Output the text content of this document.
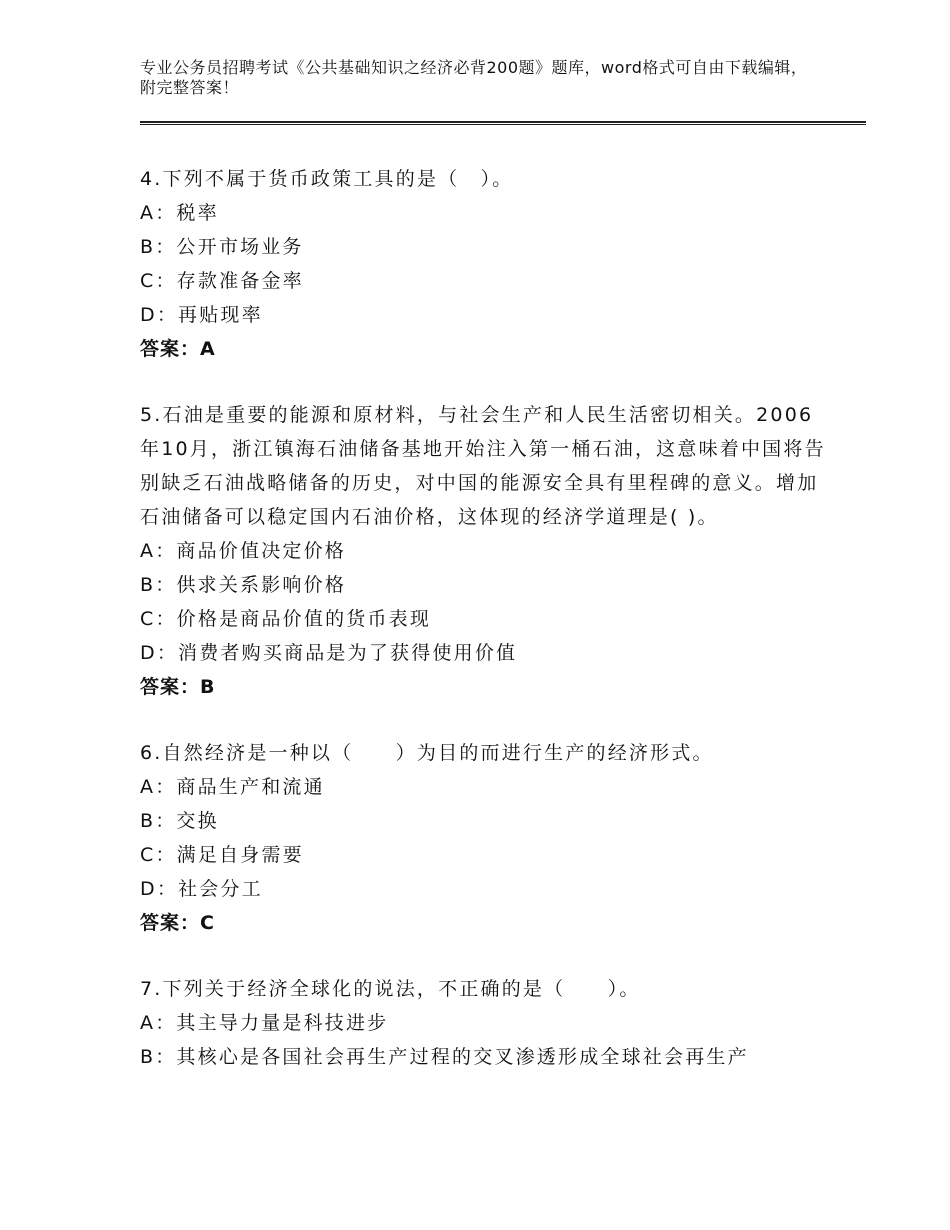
专业公务员招聘考试《公共基础知识之经济必背200题》题库，word格式可自由下载编辑，附完整答案！
4.下列不属于货币政策工具的是（　）。
A：税率
B：公开市场业务
C：存款准备金率
D：再贴现率
答案：A
5.石油是重要的能源和原材料，与社会生产和人民生活密切相关。2006年10月，浙江镇海石油储备基地开始注入第一桶石油，这意味着中国将告别缺乏石油战略储备的历史，对中国的能源安全具有里程碑的意义。增加石油储备可以稳定国内石油价格，这体现的经济学道理是( )。
A：商品价值决定价格
B：供求关系影响价格
C：价格是商品价值的货币表现
D：消费者购买商品是为了获得使用价值
答案：B
6.自然经济是一种以（　　）为目的而进行生产的经济形式。
A：商品生产和流通
B：交换
C：满足自身需要
D：社会分工
答案：C
7.下列关于经济全球化的说法，不正确的是（　　）。
A：其主导力量是科技进步
B：其核心是各国社会再生产过程的交叉渗透形成全球社会再生产
